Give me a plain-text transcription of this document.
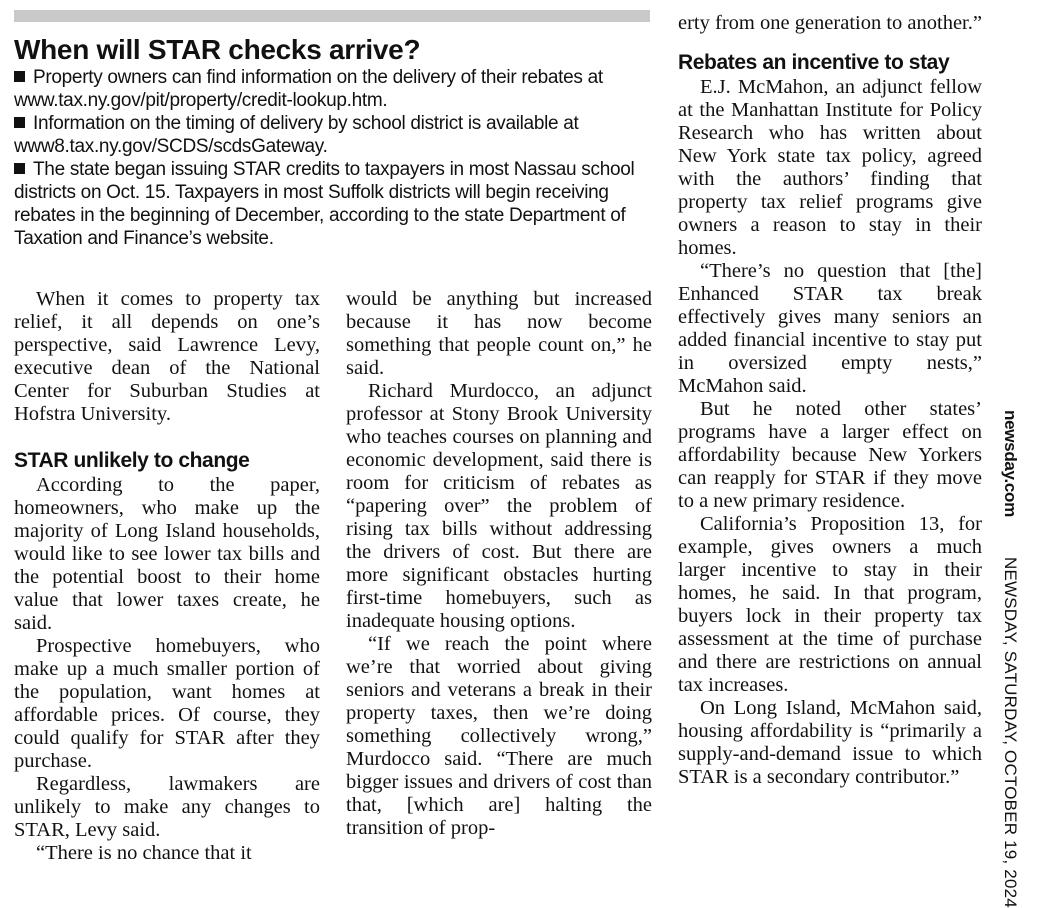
When will STAR checks arrive?

Property owners can find information on the delivery of their rebates at www.tax.ny.gov/pit/property/credit-lookup.htm.

Information on the timing of delivery by school district is available at www8.tax.ny.gov/SCDS/scdsGateway.

The state began issuing STAR credits to taxpayers in most Nassau school districts on Oct. 15. Taxpayers in most Suffolk districts will begin receiving rebates in the beginning of December, according to the state Department of Taxation and Finance’s website.

When it comes to property tax relief, it all depends on one’s perspective, said Lawrence Levy, executive dean of the National Center for Suburban Studies at Hofstra University.

STAR unlikely to change

According to the paper, homeowners, who make up the majority of Long Island households, would like to see lower tax bills and the potential boost to their home value that lower taxes create, he said.

Prospective homebuyers, who make up a much smaller portion of the population, want homes at affordable prices. Of course, they could qualify for STAR after they purchase.

Regardless, lawmakers are unlikely to make any changes to STAR, Levy said.

“There is no chance that it

would be anything but increased because it has now become something that people count on,” he said.

Richard Murdocco, an adjunct professor at Stony Brook University who teaches courses on planning and economic development, said there is room for criticism of rebates as “papering over” the problem of rising tax bills without addressing the drivers of cost. But there are more significant obstacles hurting first-time homebuyers, such as inadequate housing options.

“If we reach the point where we’re that worried about giving seniors and veterans a break in their property taxes, then we’re doing something collectively wrong,” Murdocco said. “There are much bigger issues and drivers of cost than that, [which are] halting the transition of prop-

erty from one generation to another.”

Rebates an incentive to stay

E.J. McMahon, an adjunct fellow at the Manhattan Institute for Policy Research who has written about New York state tax policy, agreed with the authors’ finding that property tax relief programs give owners a reason to stay in their homes.

“There’s no question that [the] Enhanced STAR tax break effectively gives many seniors an added financial incentive to stay put in oversized empty nests,” McMahon said.

But he noted other states’ programs have a larger effect on affordability because New Yorkers can reapply for STAR if they move to a new primary residence.

California’s Proposition 13, for example, gives owners a much larger incentive to stay in their homes, he said. In that program, buyers lock in their property tax assessment at the time of purchase and there are restrictions on annual tax increases.

On Long Island, McMahon said, housing affordability is “primarily a supply-and-demand issue to which STAR is a secondary contributor.”

newsday.com NEWSDAY, SATURDAY, OCTOBER 19, 2024
